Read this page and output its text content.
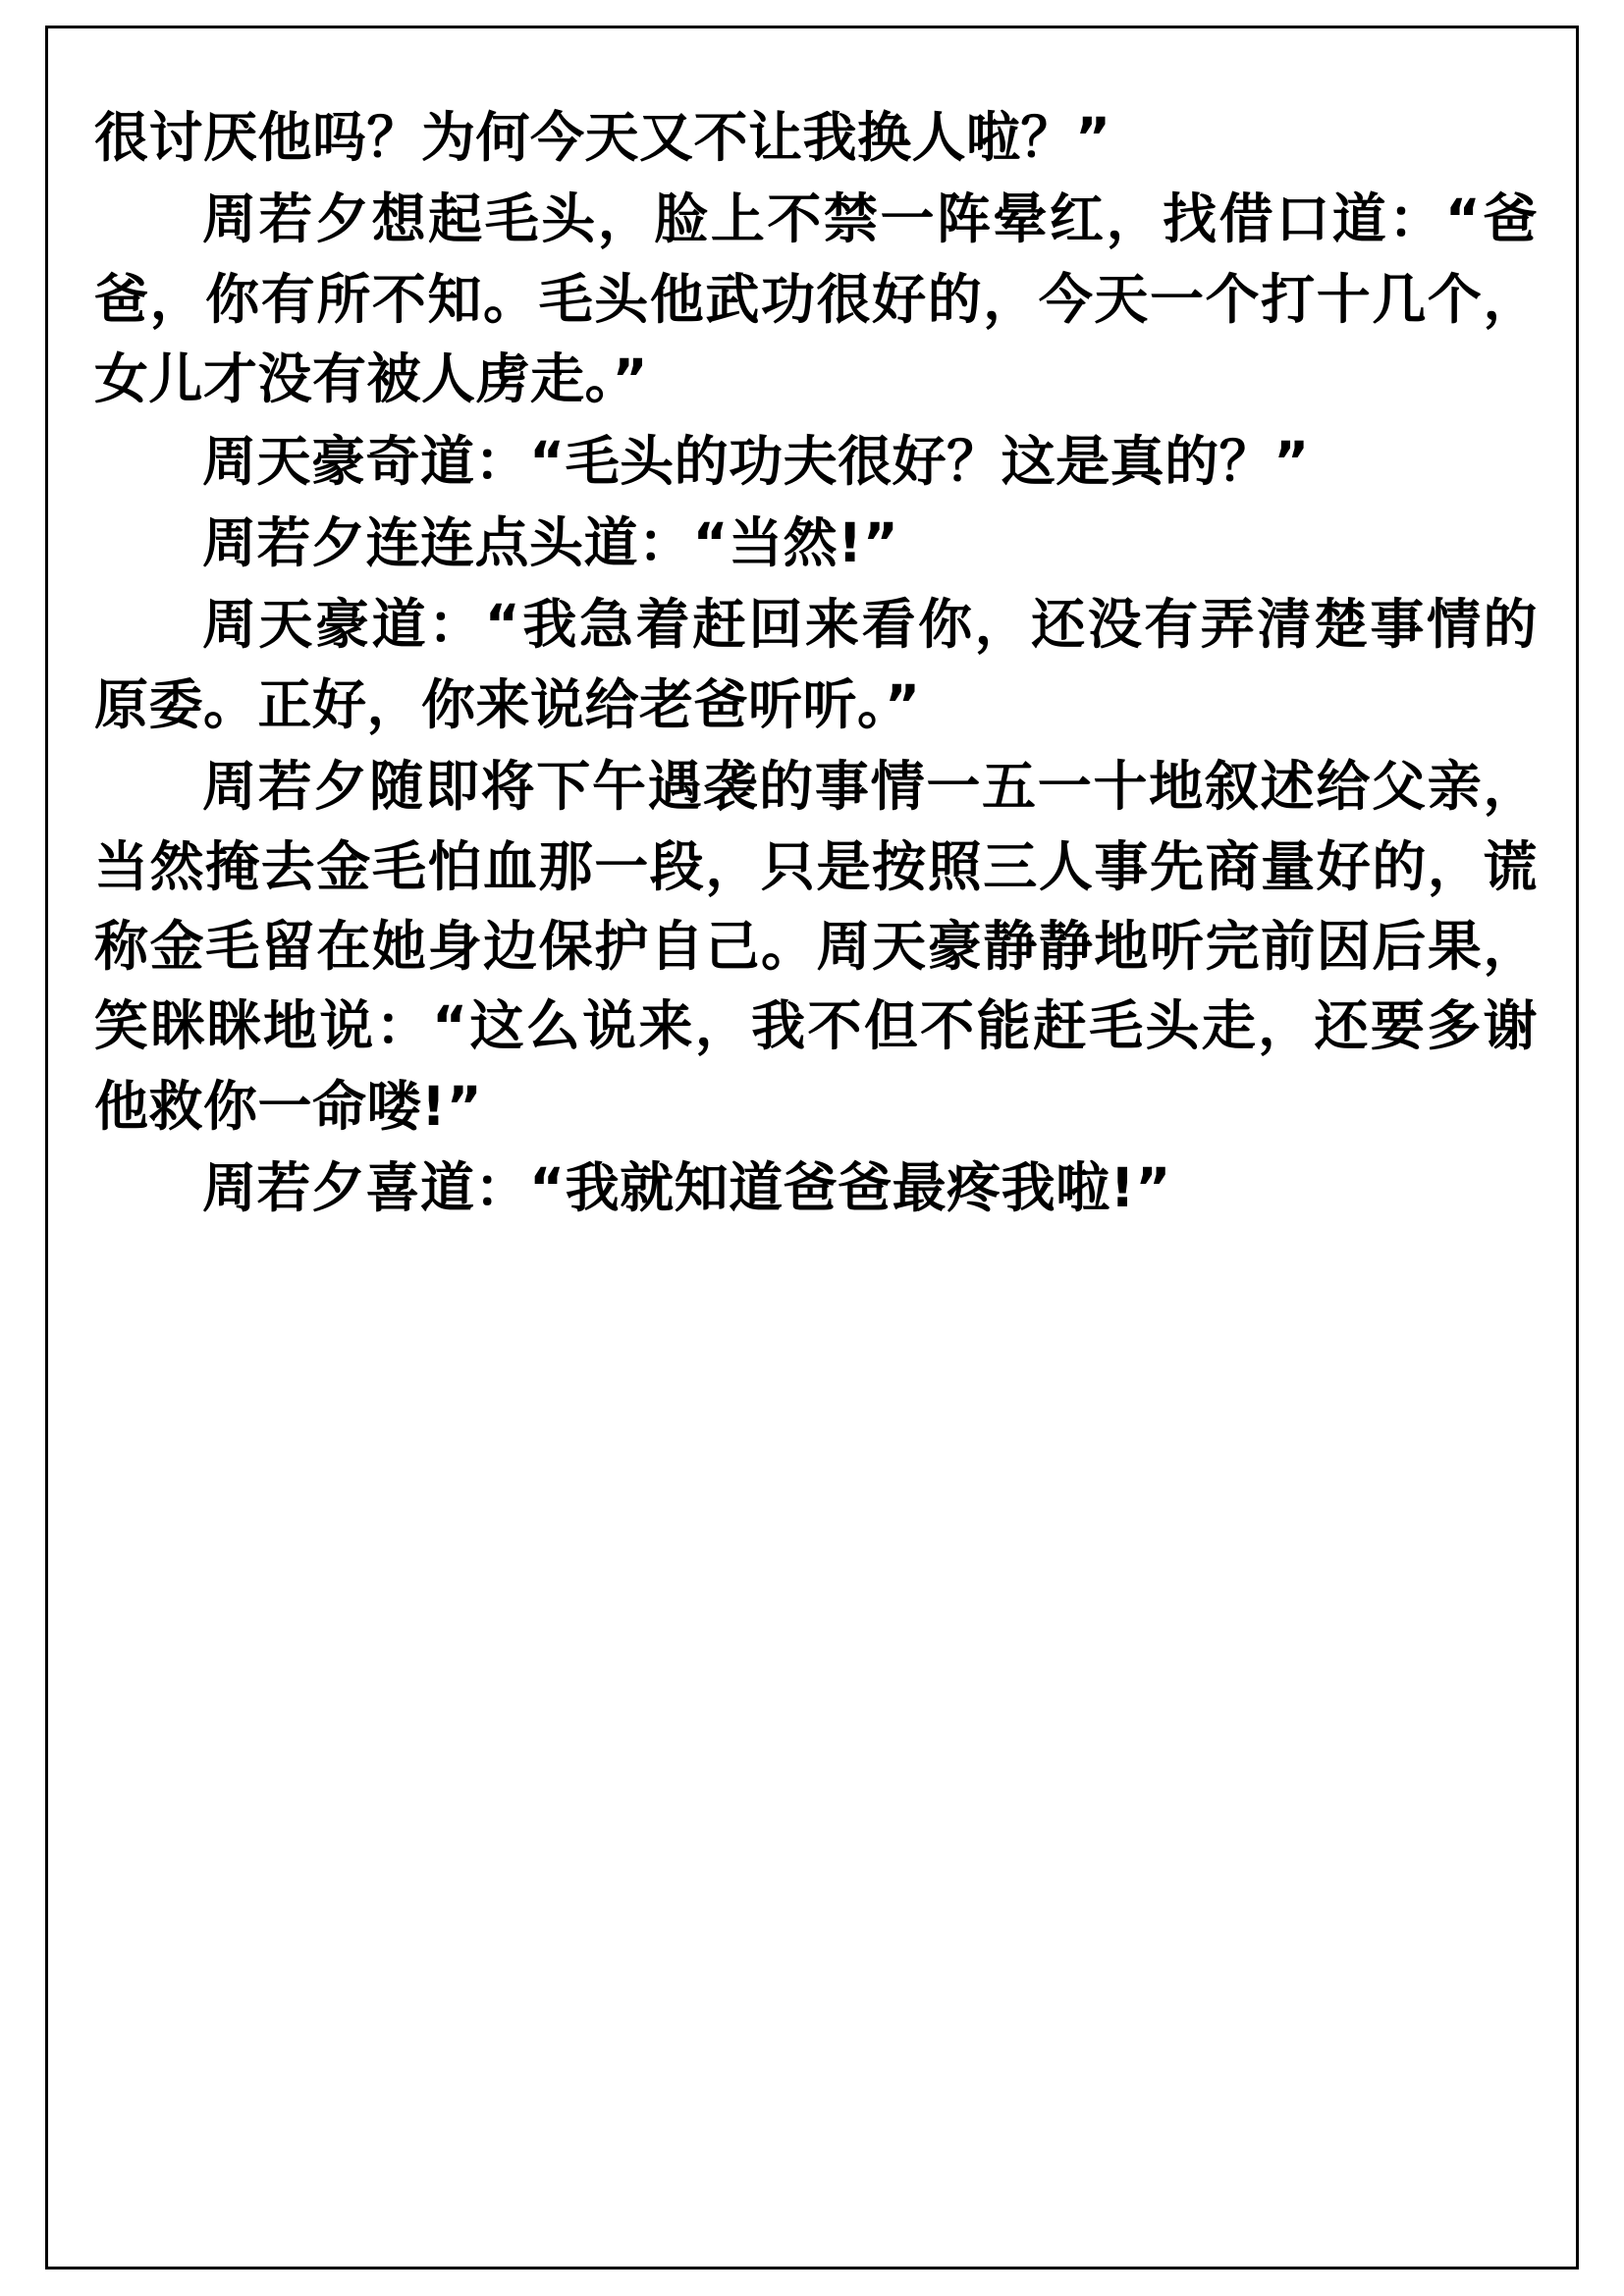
很讨厌他吗？为何今天又不让我换人啦？”

周若夕想起毛头，脸上不禁一阵晕红，找借口道：“爸爸，你有所不知。毛头他武功很好的，今天一个打十几个，女儿才没有被人虏走。”

周天豪奇道：“毛头的功夫很好？这是真的？”

周若夕连连点头道：“当然!”

周天豪道：“我急着赶回来看你，还没有弄清楚事情的原委。正好，你来说给老爸听听。”

周若夕随即将下午遇袭的事情一五一十地叙述给父亲，当然掩去金毛怕血那一段，只是按照三人事先商量好的，谎称金毛留在她身边保护自己。周天豪静静地听完前因后果，笑眯眯地说：“这么说来，我不但不能赶毛头走，还要多谢他救你一命喽!”

周若夕喜道：“我就知道爸爸最疼我啦!”
